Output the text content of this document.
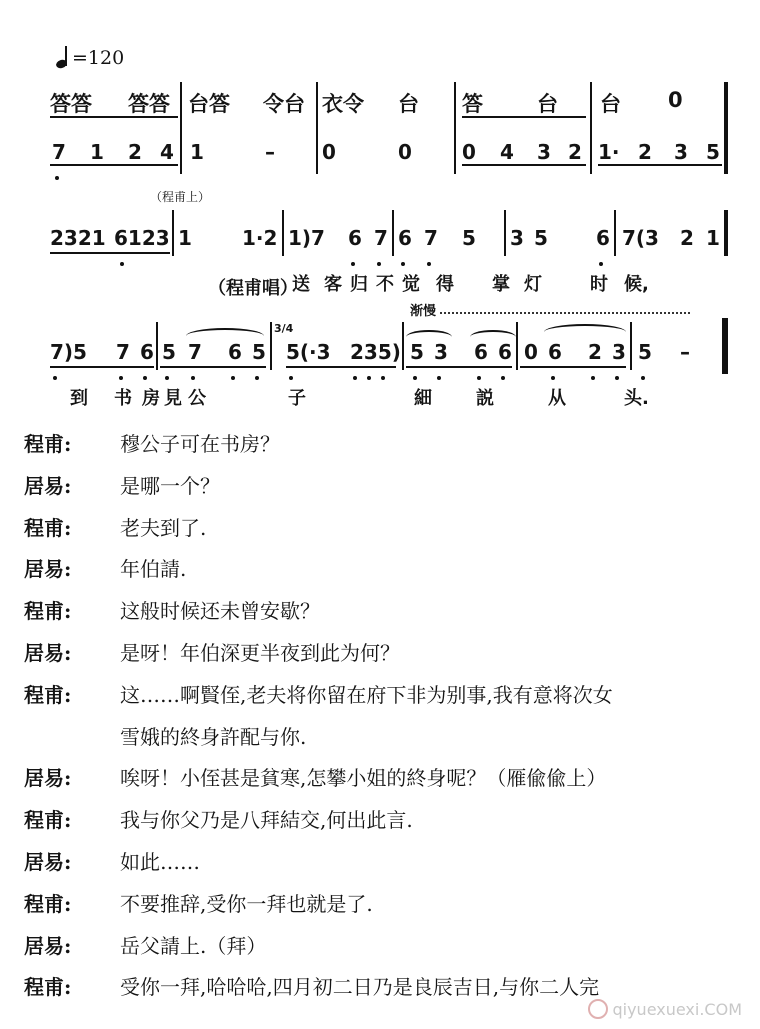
=120
答答 答答 台答 令台 衣令 台 答	台 台 0
7 1 2 4 1	– 0	0	0 4 3 2 1· 2 3 5
（程甫上）
2321 6123 1	1·2 1)7 6 7 6 7 5 3 5 6 7(3 2 1
（程甫唱）
送 客 归 不 觉 得 掌 灯	时 候,
渐慢
7)5 7 6 5 7 6 5 5(·3 235) 5 3 6 6 0 6 2 3 5 –
3/4
到 书 房 見 公	子	細 説	从	头.
程甫: 穆公子可在书房？
居易: 是哪一个？
程甫: 老夫到了.
居易: 年伯請.
程甫: 这般时候还未曾安歇？
居易: 是呀！年伯深更半夜到此为何？
程甫: 这……啊賢侄,老夫将你留在府下非为别事,我有意将次女
雪娥的終身許配与你.
居易: 唉呀！小侄甚是貧寒,怎攀小姐的終身呢？（雁偸偸上）
程甫: 我与你父乃是八拜結交,何出此言.
居易: 如此……
程甫: 不要推辞,受你一拜也就是了.
居易: 岳父請上.（拜）
程甫: 受你一拜,哈哈哈,四月初二日乃是良辰吉日,与你二人完
qiyuexuexi.COM
